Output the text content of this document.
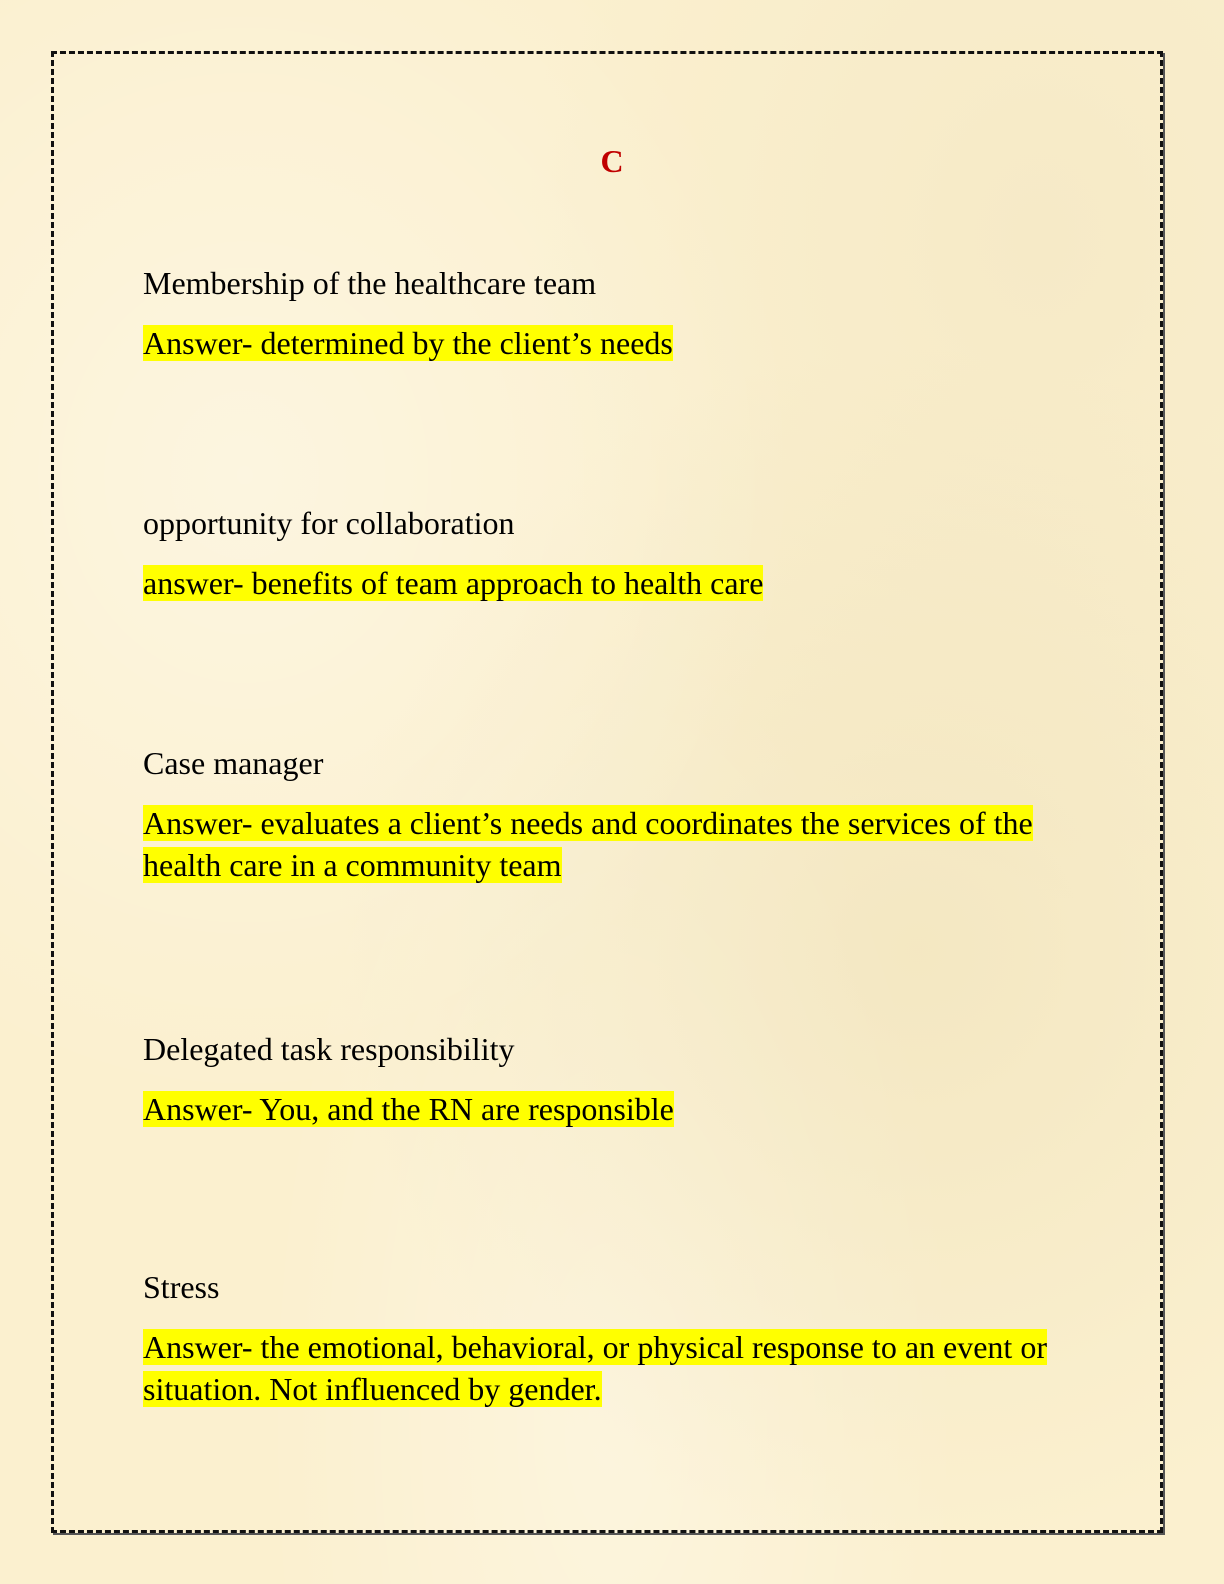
C

Membership of the healthcare team

Answer- determined by the client’s needs

opportunity for collaboration

answer- benefits of team approach to health care

Case manager

Answer- evaluates a client’s needs and coordinates the services of the health care in a community team

Delegated task responsibility

Answer- You, and the RN are responsible

Stress

Answer- the emotional, behavioral, or physical response to an event or situation. Not influenced by gender.
